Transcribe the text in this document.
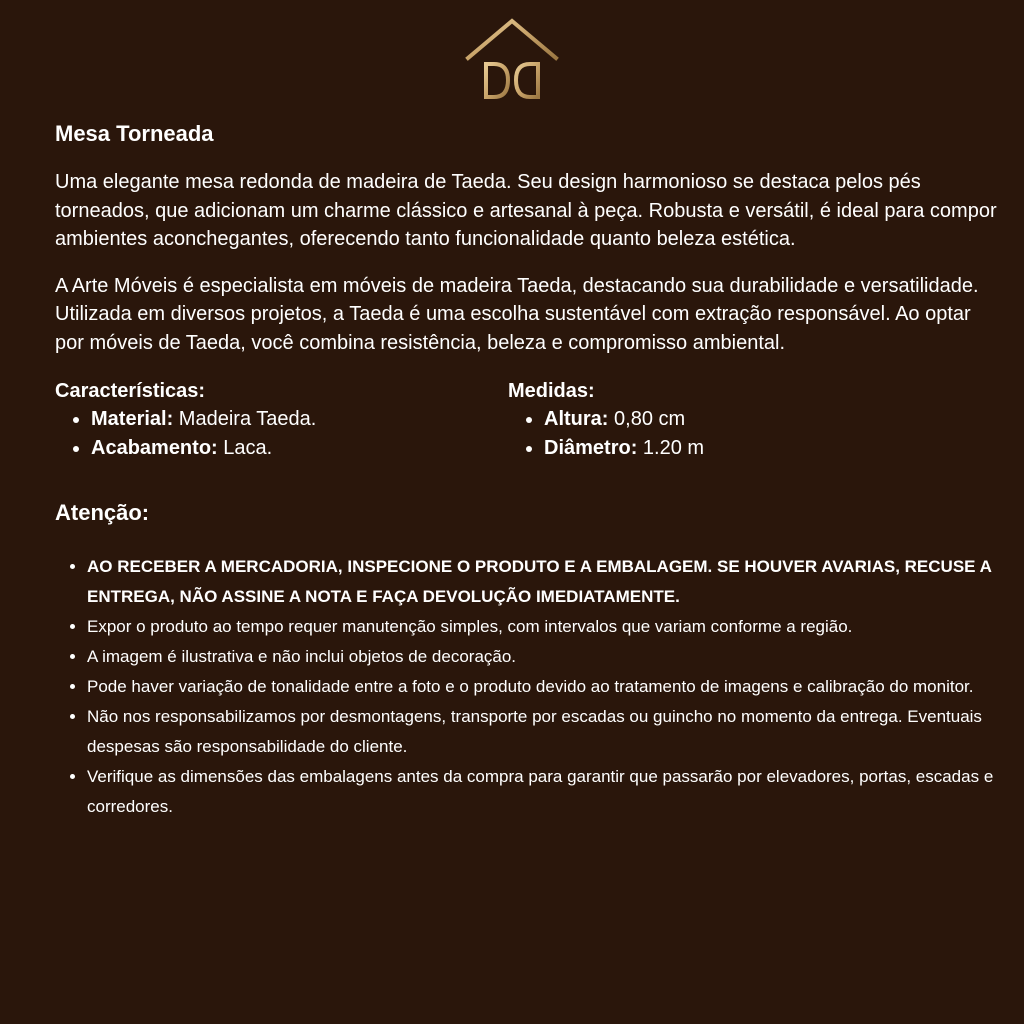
Mesa Torneada

Uma elegante mesa redonda de madeira de Taeda. Seu design harmonioso se destaca pelos pés torneados, que adicionam um charme clássico e artesanal à peça. Robusta e versátil, é ideal para compor ambientes aconchegantes, oferecendo tanto funcionalidade quanto beleza estética.

A Arte Móveis é especialista em móveis de madeira Taeda, destacando sua durabilidade e versatilidade. Utilizada em diversos projetos, a Taeda é uma escolha sustentável com extração responsável. Ao optar por móveis de Taeda, você combina resistência, beleza e compromisso ambiental.

Características:
• Material: Madeira Taeda.
• Acabamento: Laca.
Medidas:
• Altura: 0,80 cm
• Diâmetro: 1.20 m
Atenção:
• AO RECEBER A MERCADORIA, INSPECIONE O PRODUTO E A EMBALAGEM. SE HOUVER AVARIAS, RECUSE A ENTREGA, NÃO ASSINE A NOTA E FAÇA DEVOLUÇÃO IMEDIATAMENTE.
• Expor o produto ao tempo requer manutenção simples, com intervalos que variam conforme a região.
• A imagem é ilustrativa e não inclui objetos de decoração.
• Pode haver variação de tonalidade entre a foto e o produto devido ao tratamento de imagens e calibração do monitor.
• Não nos responsabilizamos por desmontagens, transporte por escadas ou guincho no momento da entrega. Eventuais despesas são responsabilidade do cliente.
• Verifique as dimensões das embalagens antes da compra para garantir que passarão por elevadores, portas, escadas e corredores.
